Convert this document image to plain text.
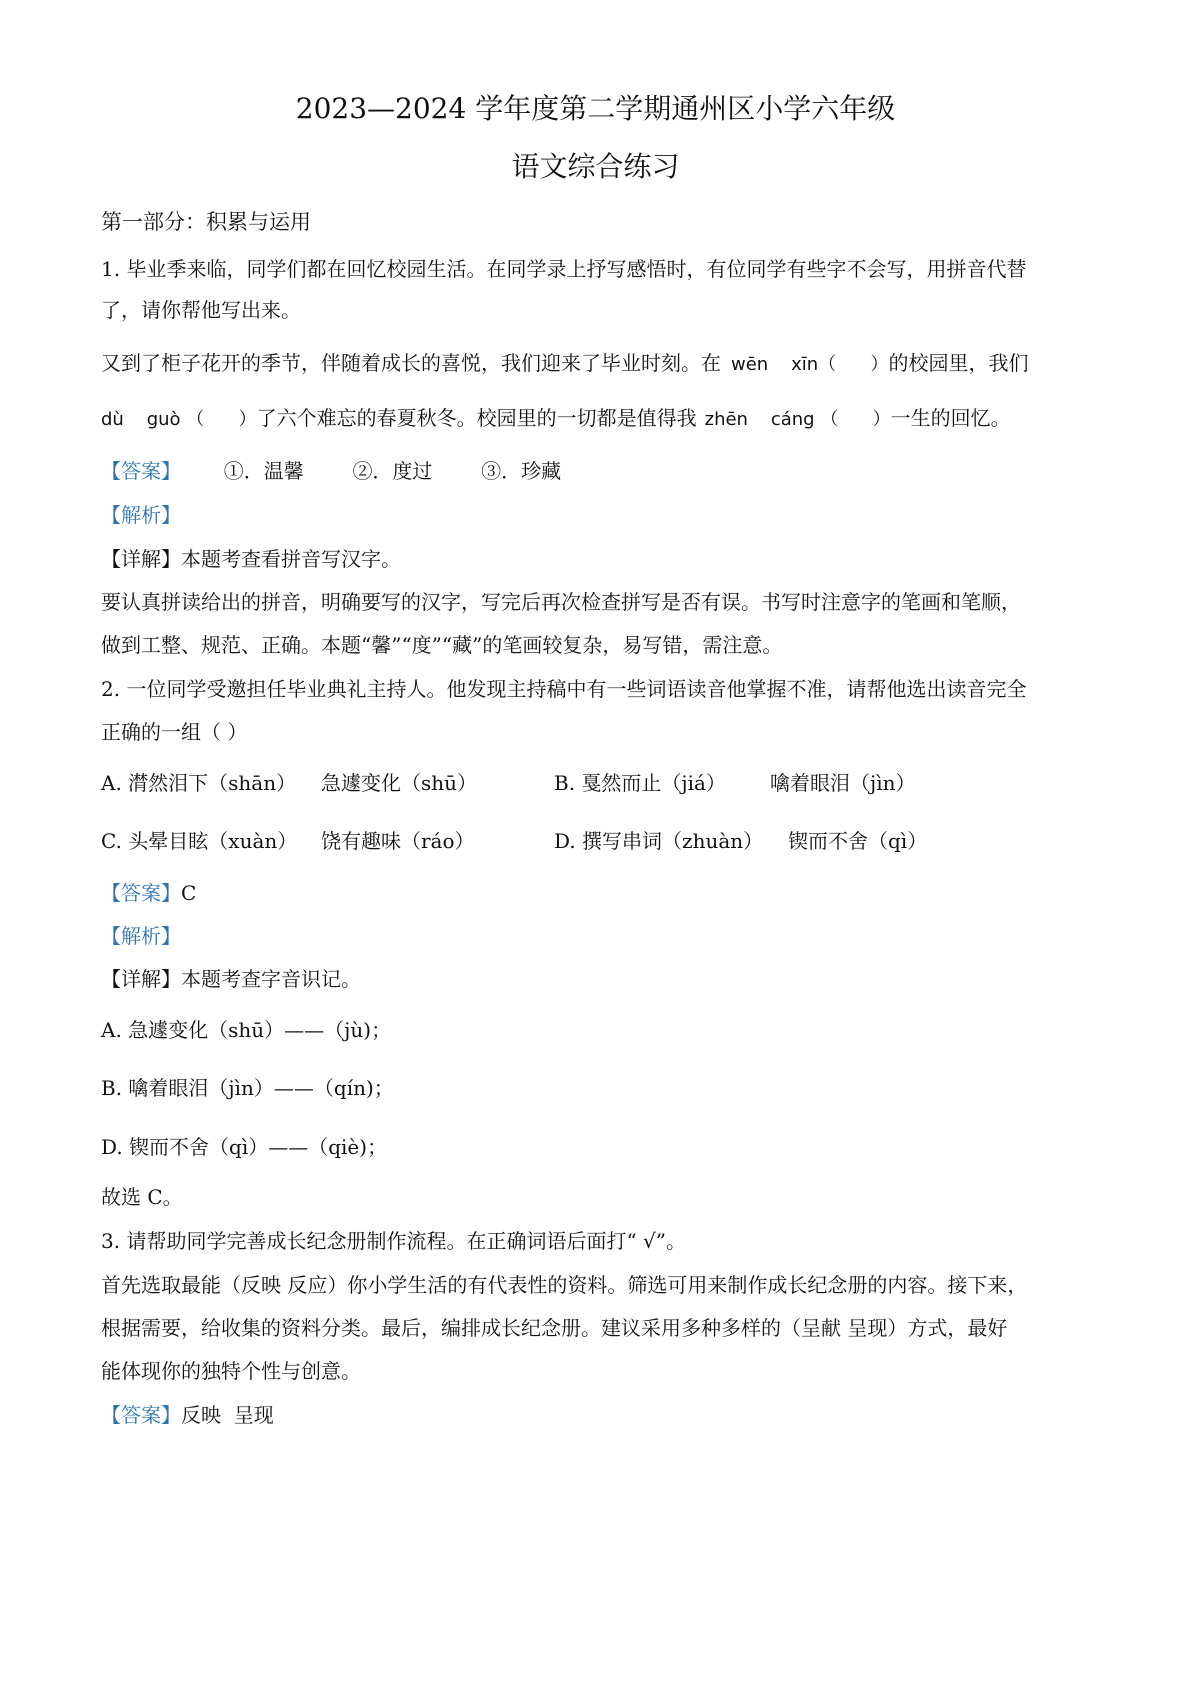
2023—2024 学年度第二学期通州区小学六年级
语文综合练习
第一部分：积累与运用
1. 毕业季来临，同学们都在回忆校园生活。在同学录上抒写感悟时，有位同学有些字不会写，用拼音代替
了，请你帮他写出来。
又到了柜子花开的季节，伴随着成长的喜悦，我们迎来了毕业时刻。在 wēn    xīn（      ）的校园里，我们
dù    guò （      ）了六个难忘的春夏秋冬。校园里的一切都是值得我 zhēn    cáng （      ）一生的回忆。
【答案】 ①．温馨 ②．度过 ③．珍藏
【解析】
【详解】本题考查看拼音写汉字。
要认真拼读给出的拼音，明确要写的汉字，写完后再次检查拼写是否有误。书写时注意字的笔画和笔顺，
做到工整、规范、正确。本题“馨”“度”“藏”的笔画较复杂，易写错，需注意。
2. 一位同学受邀担任毕业典礼主持人。他发现主持稿中有一些词语读音他掌握不准，请帮他选出读音完全
正确的一组（ ）
A. 潸然泪下（shān） 急遽变化（shū）	B. 戛然而止（jiá） 噙着眼泪（jìn）
C. 头晕目眩（xuàn） 饶有趣味（ráo）	D. 撰写串词（zhuàn） 锲而不舍（qì）
【答案】C
【解析】
【详解】本题考查字音识记。
A. 急遽变化（shū）——（jù)；
B. 噙着眼泪（jìn）——（qín)；
D. 锲而不舍（qì）——（qiè)；
故选 C。
3. 请帮助同学完善成长纪念册制作流程。在正确词语后面打“ √”。
首先选取最能（反映 反应）你小学生活的有代表性的资料。筛选可用来制作成长纪念册的内容。接下来，
根据需要，给收集的资料分类。最后，编排成长纪念册。建议采用多种多样的（呈献 呈现）方式，最好
能体现你的独特个性与创意。
【答案】反映  呈现
